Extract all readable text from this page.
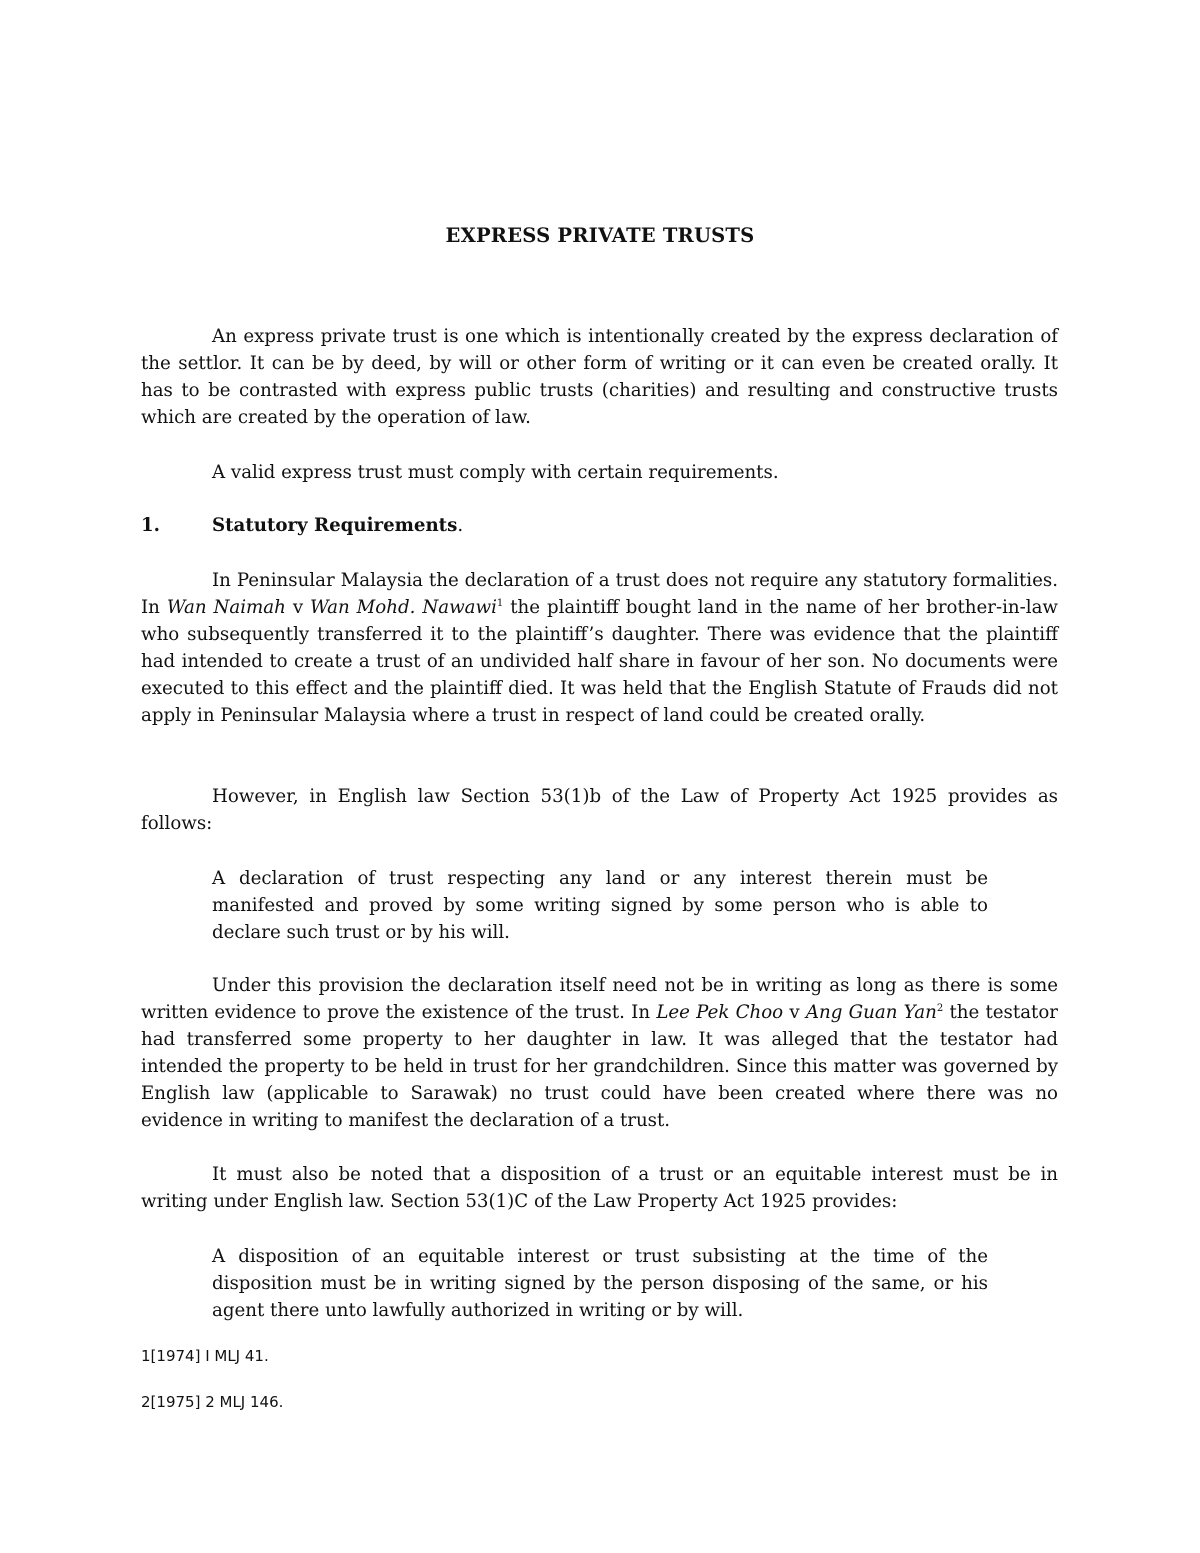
EXPRESS PRIVATE TRUSTS

An express private trust is one which is intentionally created by the express declaration of the settlor. It can be by deed, by will or other form of writing or it can even be created orally. It has to be contrasted with express public trusts (charities) and resulting and constructive trusts which are created by the operation of law.

A valid express trust must comply with certain requirements.

1.	Statutory Requirements.

In Peninsular Malaysia the declaration of a trust does not require any statutory formalities. In Wan Naimah v Wan Mohd. Nawawi$^1$ the plaintiff bought land in the name of her brother-in-law who subsequently transferred it to the plaintiff’s daughter. There was evidence that the plaintiff had intended to create a trust of an undivided half share in favour of her son. No documents were executed to this effect and the plaintiff died. It was held that the English Statute of Frauds did not apply in Peninsular Malaysia where a trust in respect of land could be created orally.

However, in English law Section 53(1)b of the Law of Property Act 1925 provides as follows:

A declaration of trust respecting any land or any interest therein must be manifested and proved by some writing signed by some person who is able to declare such trust or by his will.

Under this provision the declaration itself need not be in writing as long as there is some written evidence to prove the existence of the trust. In Lee Pek Choo v Ang Guan Yan$^2$ the testator had transferred some property to her daughter in law. It was alleged that the testator had intended the property to be held in trust for her grandchildren. Since this matter was governed by English law (applicable to Sarawak) no trust could have been created where there was no evidence in writing to manifest the declaration of a trust.

It must also be noted that a disposition of a trust or an equitable interest must be in writing under English law. Section 53(1)C of the Law Property Act 1925 provides:

A disposition of an equitable interest or trust subsisting at the time of the disposition must be in writing signed by the person disposing of the same, or his agent there unto lawfully authorized in writing or by will.

1[1974] I MLJ 41.
2[1975] 2 MLJ 146.
